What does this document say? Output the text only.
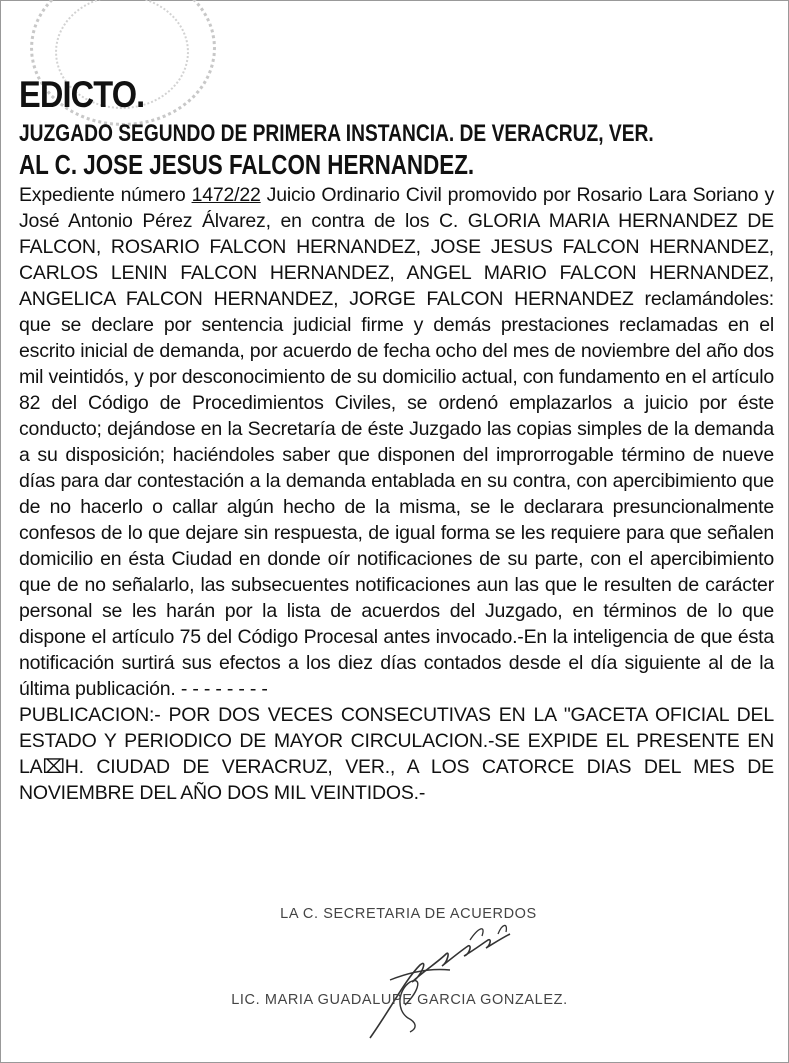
EDICTO.
JUZGADO SEGUNDO DE PRIMERA INSTANCIA. DE VERACRUZ, VER.
AL C. JOSE JESUS FALCON HERNANDEZ.
Expediente número 1472/22 Juicio Ordinario Civil promovido por Rosario Lara Soriano y José Antonio Pérez Álvarez, en contra de los C. GLORIA MARIA HERNANDEZ DE FALCON, ROSARIO FALCON HERNANDEZ, JOSE JESUS FALCON HERNANDEZ, CARLOS LENIN FALCON HERNANDEZ, ANGEL MARIO FALCON HERNANDEZ, ANGELICA FALCON HERNANDEZ, JORGE FALCON HERNANDEZ reclamándoles: que se declare por sentencia judicial firme y demás prestaciones reclamadas en el escrito inicial de demanda, por acuerdo de fecha ocho del mes de noviembre del año dos mil veintidós, y por desconocimiento de su domicilio actual, con fundamento en el artículo 82 del Código de Procedimientos Civiles, se ordenó emplazarlos a juicio por éste conducto; dejándose en la Secretaría de éste Juzgado las copias simples de la demanda a su disposición; haciéndoles saber que disponen del improrrogable término de nueve días para dar contestación a la demanda entablada en su contra, con apercibimiento que de no hacerlo o callar algún hecho de la misma, se le declarara presuncionalmente confesos de lo que dejare sin respuesta, de igual forma se les requiere para que señalen domicilio en ésta Ciudad en donde oír notificaciones de su parte, con el apercibimiento que de no señalarlo, las subsecuentes notificaciones aun las que le resulten de carácter personal se les harán por la lista de acuerdos del Juzgado, en términos de lo que dispone el artículo 75 del Código Procesal antes invocado.-En la inteligencia de que ésta notificación surtirá sus efectos a los diez días contados desde el día siguiente al de la última publicación. - - - - - - - -
PUBLICACION:- POR DOS VECES CONSECUTIVAS EN LA "GACETA OFICIAL DEL ESTADO Y PERIODICO DE MAYOR CIRCULACION.-SE EXPIDE EL PRESENTE EN LA⌧H. CIUDAD DE VERACRUZ, VER., A LOS CATORCE DIAS DEL MES DE NOVIEMBRE DEL AÑO DOS MIL VEINTIDOS.-
LA C. SECRETARIA DE ACUERDOS
LIC. MARIA GUADALUPE GARCIA GONZALEZ.
